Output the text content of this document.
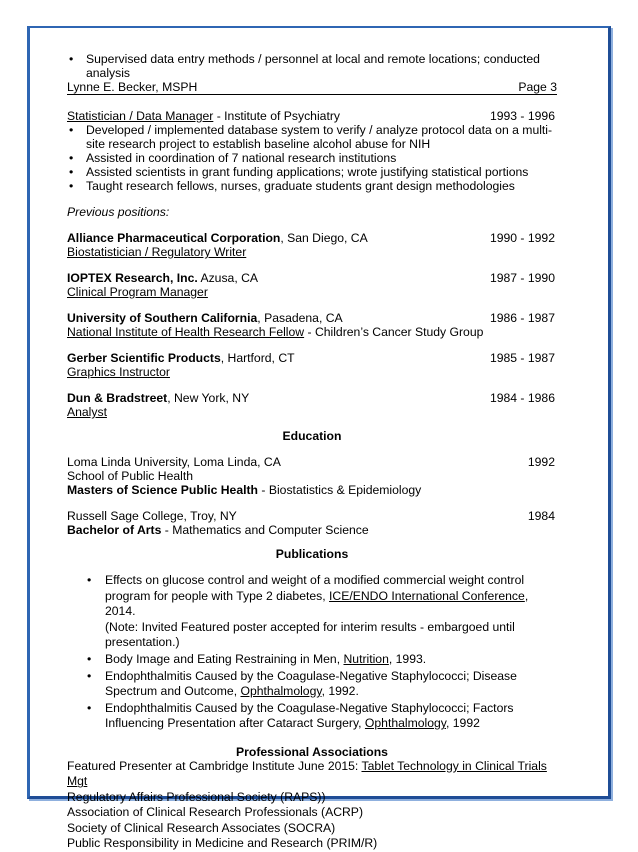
• Supervised data entry methods / personnel at local and remote locations; conducted analysis
Lynne E. Becker, MSPH	Page 3
Statistician / Data Manager - Institute of Psychiatry	1993 - 1996
• Developed / implemented database system to verify / analyze protocol data on a multi-site research project to establish baseline alcohol abuse for NIH
• Assisted in coordination of 7 national research institutions
• Assisted scientists in grant funding applications; wrote justifying statistical portions
• Taught research fellows, nurses, graduate students grant design methodologies
Previous positions:
Alliance Pharmaceutical Corporation, San Diego, CA	1990 - 1992
Biostatistician / Regulatory Writer
IOPTEX Research, Inc. Azusa, CA	1987 - 1990
Clinical Program Manager
University of Southern California, Pasadena, CA	1986 - 1987
National Institute of Health Research Fellow - Children’s Cancer Study Group
Gerber Scientific Products, Hartford, CT	1985 - 1987
Graphics Instructor
Dun & Bradstreet, New York, NY	1984 - 1986
Analyst
Education
Loma Linda University, Loma Linda, CA	1992
School of Public Health
Masters of Science Public Health - Biostatistics & Epidemiology
Russell Sage College, Troy, NY	1984
Bachelor of Arts - Mathematics and Computer Science
Publications
• Effects on glucose control and weight of a modified commercial weight control program for people with Type 2 diabetes, ICE/ENDO International Conference, 2014.
(Note: Invited Featured poster accepted for interim results - embargoed until presentation.)
• Body Image and Eating Restraining in Men, Nutrition, 1993.
• Endophthalmitis Caused by the Coagulase-Negative Staphylococci; Disease Spectrum and Outcome, Ophthalmology, 1992.
• Endophthalmitis Caused by the Coagulase-Negative Staphylococci; Factors Influencing Presentation after Cataract Surgery, Ophthalmology, 1992
Professional Associations
Featured Presenter at Cambridge Institute June 2015: Tablet Technology in Clinical Trials Mgt
Regulatory Affairs Professional Society (RAPS))
Association of Clinical Research Professionals (ACRP)
Society of Clinical Research Associates (SOCRA)
Public Responsibility in Medicine and Research (PRIM/R)
